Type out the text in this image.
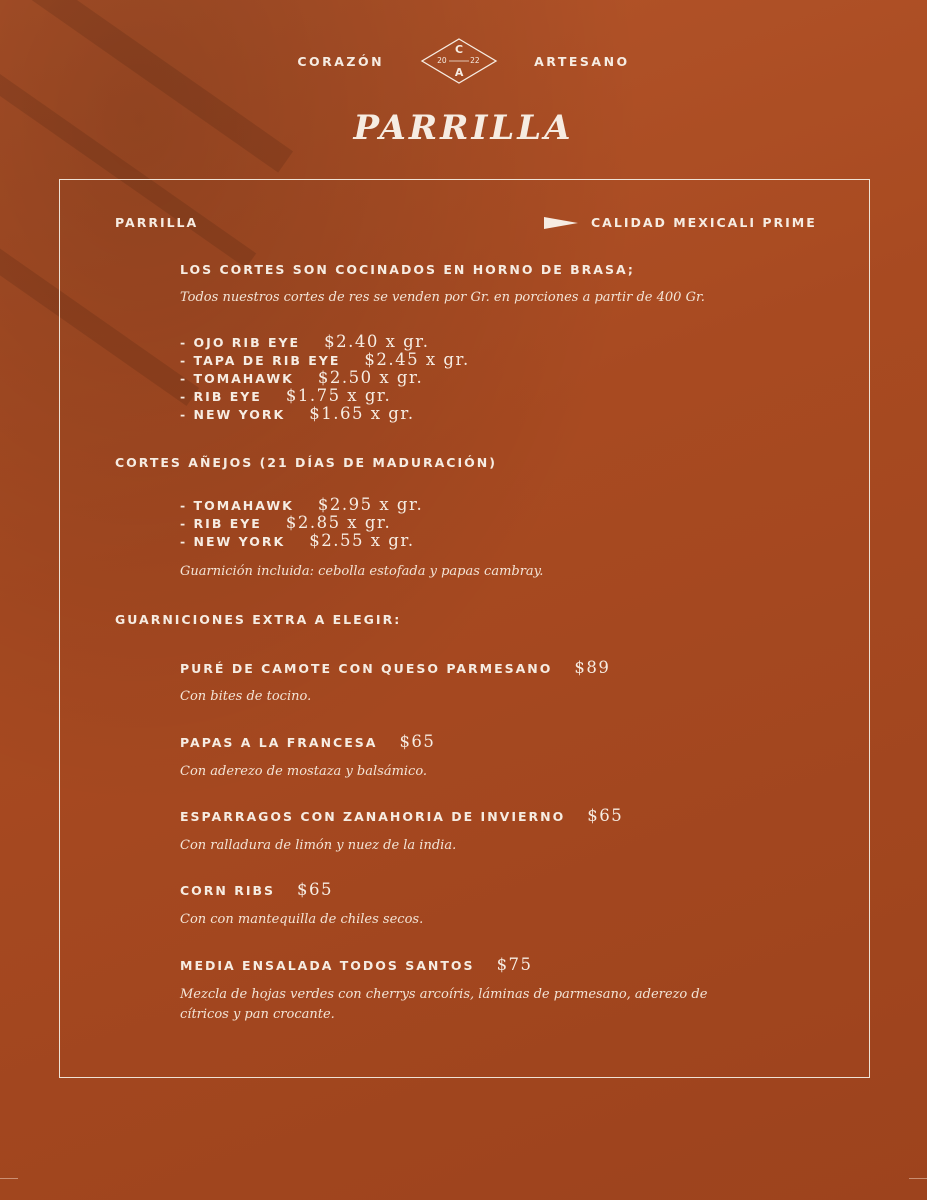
CORAZÓN
C
20	22
A
ARTESANO
PARRILLA
PARRILLA	CALIDAD MEXICALI PRIME
LOS CORTES SON COCINADOS EN HORNO DE BRASA;
Todos nuestros cortes de res se venden por Gr. en porciones a partir de 400 Gr.
- OJO RIB EYE $2.40 x gr.
- TAPA DE RIB EYE $2.45 x gr.
- TOMAHAWK $2.50 x gr.
- RIB EYE $1.75 x gr.
- NEW YORK $1.65 x gr.
CORTES AÑEJOS (21 DÍAS DE MADURACIÓN)
- TOMAHAWK $2.95 x gr.
- RIB EYE $2.85 x gr.
- NEW YORK $2.55 x gr.
Guarnición incluida: cebolla estofada y papas cambray.
GUARNICIONES EXTRA A ELEGIR:
PURÉ DE CAMOTE CON QUESO PARMESANO $89
Con bites de tocino.
PAPAS A LA FRANCESA $65
Con aderezo de mostaza y balsámico.
ESPARRAGOS CON ZANAHORIA DE INVIERNO $65
Con ralladura de limón y nuez de la india.
CORN RIBS $65
Con con mantequilla de chiles secos.
MEDIA ENSALADA TODOS SANTOS $75
Mezcla de hojas verdes con cherrys arcoíris, láminas de parmesano, aderezo de
cítricos y pan crocante.
